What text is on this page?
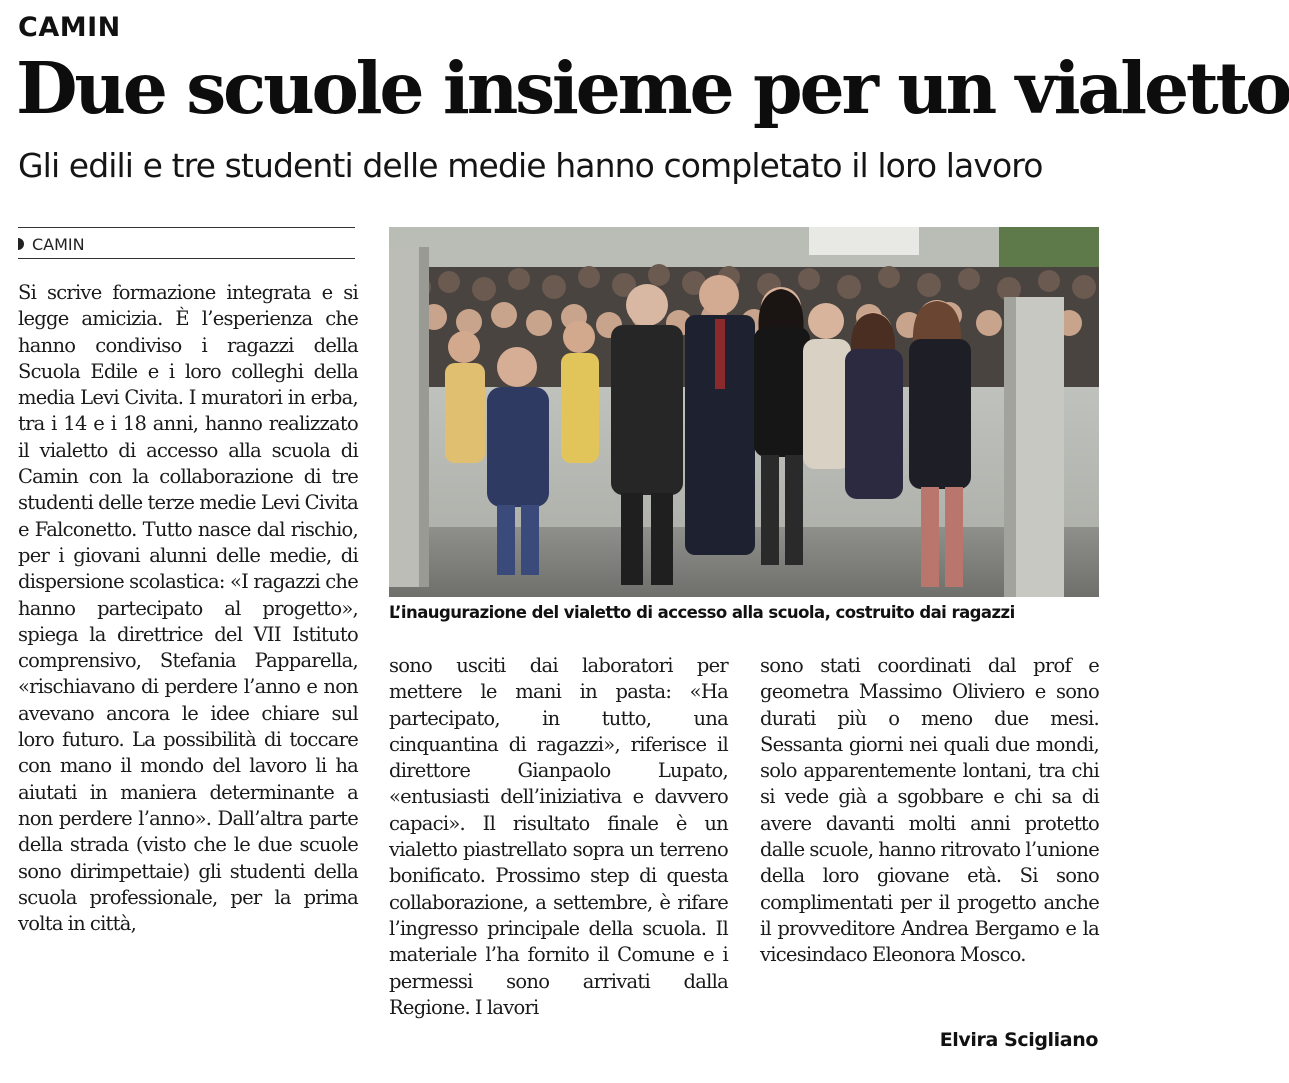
CAMIN
Due scuole insieme per un vialetto
Gli edili e tre studenti delle medie hanno completato il loro lavoro
CAMIN

Si scrive formazione integrata e si legge amicizia. È l’esperienza che hanno condiviso i ragazzi della Scuola Edile e i loro colleghi della media Levi Civita. I muratori in erba, tra i 14 e i 18 anni, hanno realizzato il vialetto di accesso alla scuola di Camin con la collaborazione di tre studenti delle terze medie Levi Civita e Falconetto. Tutto nasce dal rischio, per i giovani alunni delle medie, di dispersione scolastica: «I ragazzi che hanno partecipato al progetto», spiega la direttrice del VII Istituto comprensivo, Stefania Papparella, «rischiavano di perdere l’anno e non avevano ancora le idee chiare sul loro futuro. La possibilità di toccare con mano il mondo del lavoro li ha aiutati in maniera determinante a non perdere l’anno». Dall’altra parte della strada (visto che le due scuole sono dirimpettaie) gli studenti della scuola professionale, per la prima volta in città,

L’inaugurazione del vialetto di accesso alla scuola, costruito dai ragazzi

sono usciti dai laboratori per mettere le mani in pasta: «Ha partecipato, in tutto, una cinquantina di ragazzi», riferisce il direttore Gianpaolo Lupato, «entusiasti dell’iniziativa e davvero capaci». Il risultato finale è un vialetto piastrellato sopra un terreno bonificato. Prossimo step di questa collaborazione, a settembre, è rifare l’ingresso principale della scuola. Il materiale l’ha fornito il Comune e i permessi sono arrivati dalla Regione. I lavori

sono stati coordinati dal prof e geometra Massimo Oliviero e sono durati più o meno due mesi. Sessanta giorni nei quali due mondi, solo apparentemente lontani, tra chi si vede già a sgobbare e chi sa di avere davanti molti anni protetto dalle scuole, hanno ritrovato l’unione della loro giovane età. Si sono complimentati per il progetto anche il provveditore Andrea Bergamo e la vicesindaco Eleonora Mosco.

Elvira Scigliano
